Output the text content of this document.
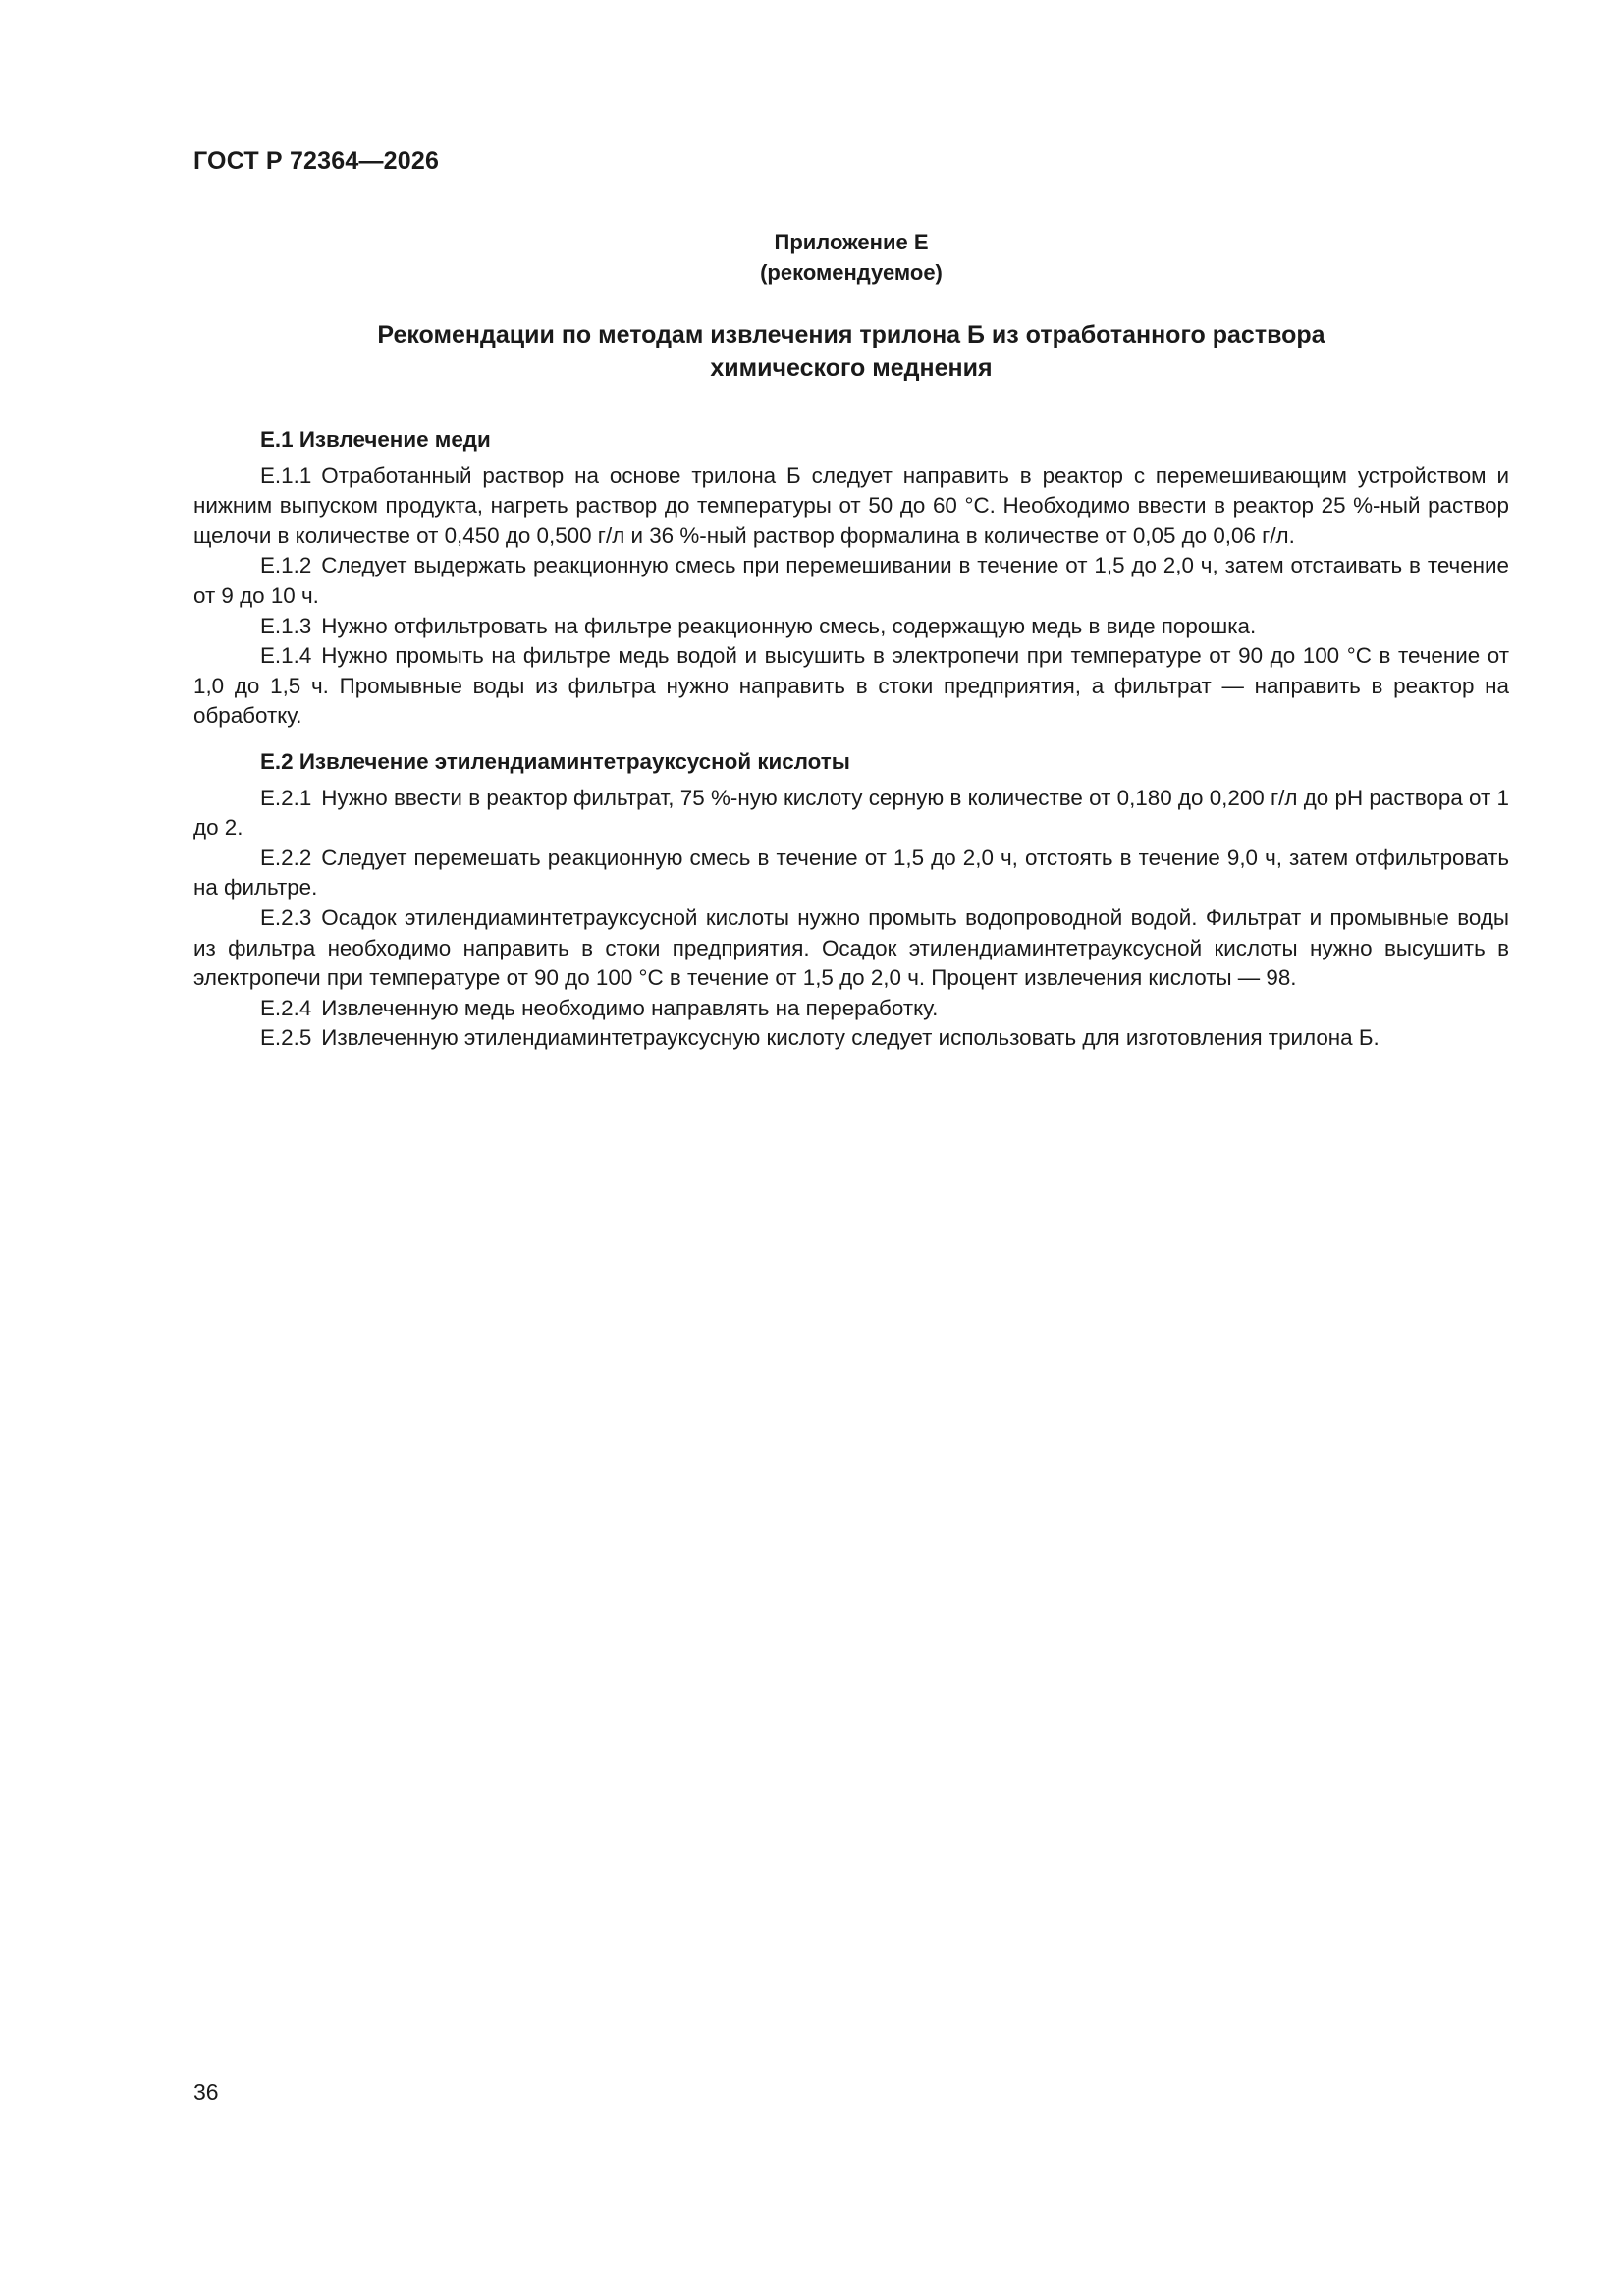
ГОСТ Р 72364—2026
Приложение Е
(рекомендуемое)
Рекомендации по методам извлечения трилона Б из отработанного раствора
химического меднения
Е.1 Извлечение меди

Е.1.1 Отработанный раствор на основе трилона Б следует направить в реактор с перемешивающим устройством и нижним выпуском продукта, нагреть раствор до температуры от 50 до 60 °С. Необходимо ввести в реактор 25 %-ный раствор щелочи в количестве от 0,450 до 0,500 г/л и 36 %-ный раствор формалина в количестве от 0,05 до 0,06 г/л.

Е.1.2 Следует выдержать реакционную смесь при перемешивании в течение от 1,5 до 2,0 ч, затем отстаивать в течение от 9 до 10 ч.

Е.1.3 Нужно отфильтровать на фильтре реакционную смесь, содержащую медь в виде порошка.

Е.1.4 Нужно промыть на фильтре медь водой и высушить в электропечи при температуре от 90 до 100 °С в течение от 1,0 до 1,5 ч. Промывные воды из фильтра нужно направить в стоки предприятия, а фильтрат — направить в реактор на обработку.

Е.2 Извлечение этилендиаминтетрауксусной кислоты

Е.2.1 Нужно ввести в реактор фильтрат, 75 %-ную кислоту серную в количестве от 0,180 до 0,200 г/л до рН раствора от 1 до 2.

Е.2.2 Следует перемешать реакционную смесь в течение от 1,5 до 2,0 ч, отстоять в течение 9,0 ч, затем отфильтровать на фильтре.

Е.2.3 Осадок этилендиаминтетрауксусной кислоты нужно промыть водопроводной водой. Фильтрат и промывные воды из фильтра необходимо направить в стоки предприятия. Осадок этилендиаминтетрауксусной кислоты нужно высушить в электропечи при температуре от 90 до 100 °С в течение от 1,5 до 2,0 ч. Процент извлечения кислоты — 98.

Е.2.4 Извлеченную медь необходимо направлять на переработку.

Е.2.5 Извлеченную этилендиаминтетрауксусную кислоту следует использовать для изготовления трилона Б.

36
